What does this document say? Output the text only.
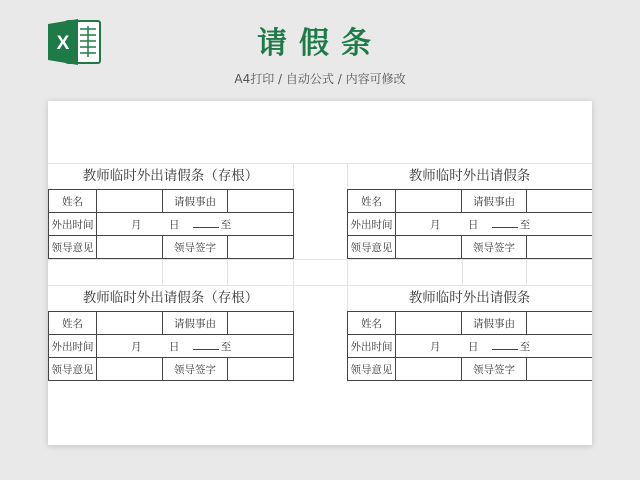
X	请假条
A4打印 / 自动公式 / 内容可修改
教师临时外出请假条（存根）
姓名		请假事由	
外出时间	月 日 至		
领导意见		领导签字	
教师临时外出请假条
姓名		请假事由	
外出时间	月 日 至		
领导意见		领导签字	
教师临时外出请假条（存根）
姓名		请假事由	
外出时间	月 日 至		
领导意见		领导签字	
教师临时外出请假条
姓名		请假事由	
外出时间	月 日 至		
领导意见		领导签字	
